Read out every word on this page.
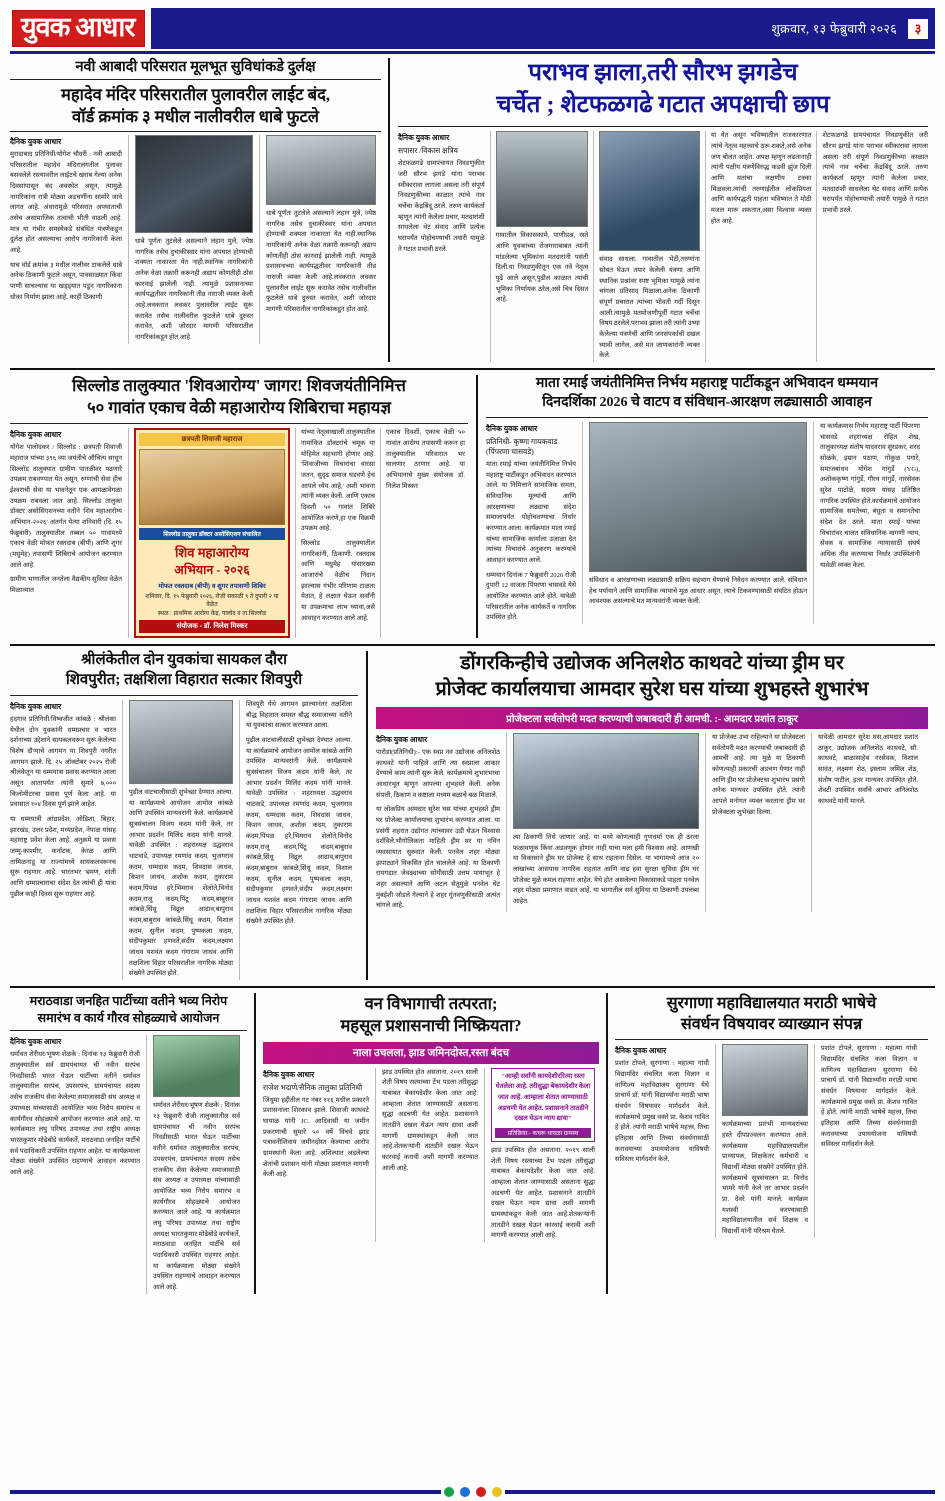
युवक आधार	शुक्रवार, १३ फेब्रुवारी २०२६	३
नवी आबादी परिसरात मूलभूत सुविधांकडे दुर्लक्ष
महादेव मंदिर परिसरातील पुलावरील लाईट बंद,
वॉर्ड क्रमांक ३ मधील नालीवरील धाबे फुटले
दैनिक युवक आधार
मुरादाबाद प्रतिनिधी/योगेश चौदरी : नवी आबादी परिसरातील महादेव मंदिरालगतील पुलावर बसवलेले रस्त्यावरील लाईटचे खराब गेल्या अनेक दिवसांपासून बंद अवस्थेत असून, त्यामुळे नागरिकांना रात्री मोठ्या अडचणींना सामोरे जावे लागत आहे. अंधारामुळे परिसरात अपघाताची तसेच असामाजिक तत्वांची भीती वाढली आहे. मात्र या गंभीर समस्येकडे संबंधित यंत्रणेकडून दुर्लक्ष होत असल्याचा आरोप नागरिकांनी केला आहे.
याच वॉर्ड क्रमांक ३ मधील नालीवर टाकलेले धाबे अनेक ठिकाणी फुटले असून, पावसाळ्यात किंवा पाणी साचल्यास या खड्ड्यात पडून नागरिकांना धोका निर्माण झाला आहे. काही ठिकाणी
धाबे पूर्णतः तुटलेले असल्याने लहान मुले, ज्येष्ठ नागरिक तसेच दुचाकीस्वार यांना अपघात होण्याची शक्यता नाकारता येत नाही.स्थानिक नागरिकांनी अनेक वेळा तक्रारी करूनही अद्याप कोणतीही ठोस कारवाई झालेली नाही. त्यामुळे प्रशासनाच्या कार्यपद्धतीवर नागरिकांनी तीव्र नाराजी व्यक्त केली आहे.लवकरात लवकर पुलावरील लाईट सुरू करावेत तसेच नालीवरील फुटलेले धाबे दुरुस्त करावेत, अशी जोरदार मागणी परिसरातील नागरिकांकडून होत आहे.
धाबे पूर्णतः तुटलेले असल्याने लहान मुले, ज्येष्ठ नागरिक तसेच दुचाकीस्वार यांना अपघात होण्याची शक्यता नाकारता येत नाही.स्थानिक नागरिकांनी अनेक वेळा तक्रारी करूनही अद्याप कोणतीही ठोस कारवाई झालेली नाही. त्यामुळे प्रशासनाच्या कार्यपद्धतीवर नागरिकांनी तीव्र नाराजी व्यक्त केली आहे.लवकरात लवकर पुलावरील लाईट सुरू करावेत तसेच नालीवरील फुटलेले धाबे दुरुस्त करावेत, अशी जोरदार मागणी परिसरातील नागरिकांकडून होत आहे.
पराभव झाला,तरी सौरभ झगडेच
चर्चेत ; शेटफळगढे गटात अपक्षाची छाप
दैनिक युवक आधार
सपासर /विकास क्षत्रिय
शेटफळगढे ग्रामपंचायत निवडणुकीत जरी सौरभ झगडे यांना पराभव स्वीकारावा लागला असला तरी संपूर्ण निवडणुकीच्या काळात त्यांचे नाव चर्चेचा केंद्रबिंदू ठरले. तरुण कार्यकर्ता म्हणून त्यांनी केलेला प्रचार, मतदारांशी साधलेला थेट संवाद आणि प्रत्येक घरापर्यंत पोहोचण्याची तयारी यामुळे ते गटात प्रभावी ठरले.
गावातील विकासकामे, पाणीप्रश्न, रस्ते आणि युवकांच्या रोजगाराबाबत त्यांनी मांडलेल्या भूमिकांना मतदारांनी पसंती दिली.या निवडणुकीतून एक नवे नेतृत्व पुढे आले असून,पुढील काळात त्यांची भूमिका निर्णायक ठरेल,असे चित्र दिसत आहे.
संवाद साधला. गावातील भेटी,तरुणांना सोबत घेऊन तयार केलेली यंत्रणा आणि स्थानिक प्रश्नांवर स्पष्ट भूमिका यामुळे त्यांना चांगला प्रतिसाद मिळाला.अनेक ठिकाणी संपूर्ण प्रचारात त्यांच्या भोवती गर्दी दिसून आली.त्यामुळे मतमोजणीपूर्वी गटात चर्चेचा विषय ठरलेले.पराभव झाला तरी त्यांनी उभ्या केलेल्या यंत्रणेची आणि जनसंपर्काची दखल घ्यावी लागेल, असे मत जाणकारांनी व्यक्त केले.
या येत असून भविष्यातील राजकारणात त्यांचे नेतृत्व महत्त्वाचे ठरू शकते,असे अनेक जण बोलत आहेत. अपक्ष म्हणून लढतानाही त्यांनी पक्षीय यंत्रणेविरुद्ध कडवी झुंज दिली आणि मतांचा लक्षणीय टक्का मिळवला.त्यांची तरुणाईतील लोकप्रियता आणि कार्यपद्धती पाहता भविष्यात ते मोठी मजल मारू शकतात,असा विश्वास व्यक्त होत आहे.
शेटफळगढे ग्रामपंचायत निवडणुकीत जरी सौरभ झगडे यांना पराभव स्वीकारावा लागला असला तरी संपूर्ण निवडणुकीच्या काळात त्यांचे नाव चर्चेचा केंद्रबिंदू ठरले. तरुण कार्यकर्ता म्हणून त्यांनी केलेला प्रचार, मतदारांशी साधलेला थेट संवाद आणि प्रत्येक घरापर्यंत पोहोचण्याची तयारी यामुळे ते गटात प्रभावी ठरले.
सिल्लोड तालुक्यात 'शिवआरोग्य' जागर! शिवजयंतीनिमित्त
५० गावांत एकाच वेळी महाआरोग्य शिबिराचा महायज्ञ
दैनिक युवक आधार
योगेश पालोदकर / सिल्लोड : छत्रपती शिवाजी महाराज यांच्या ३९६ व्या जयंतीचे औचित्य साधून सिल्लोड तालुक्यात ग्रामीण पातळीवर पढणारे उपक्रम राबवण्यात येत असून, रुग्णांची सेवा हीच ईश्वराची सेवा या भावनेतून एक आगळावेगळा उपक्रम राबवला जात आहे. सिल्लोड तालुका डॉक्टर असोसिएशनच्या वतीने 'शिव महाआरोग्य अभियान-२०२६' अंतर्गत येत्या शनिवारी (दि. १५ फेब्रुवारी) तालुक्यातील तब्बल ५० गावांमध्ये एकाच वेळी मोफत रक्तदाब (बीपी) आणि शुगर (मधुमेह) तपासणी शिबिराचे आयोजन करण्यात आले आहे.
ग्रामीण भागातील जनतेला वैद्यकीय सुविधा वेळेत मिळाव्यात
छत्रपती शिवाजी महाराज
सिल्लोड तालुका डॉक्टर असोसिएशन संचालित
शिव महाआरोग्य
अभियान - २०२६
मोफत रक्तदाब (बीपी) व शुगर तपासणी शिबिर
शनिवार, दि. १५ फेब्रुवारी २०२६, रोजी सकाळी ९ ते दुपारी २ या वेळेत
स्थळ : प्राथमिक आरोग्य केंद्र, पालोद व ता.सिल्लोड
संयोजक - डॉ. निलेश मिस्कर
यांच्या नेतृत्वाखाली तालुक्यातील नामांकित डॉक्टरांचे चमूक या मोहिमेत सहभागी होणार आहे. 'शिवाजीच्या विचारांचा वारसा जतन, सुदृढ समाज घडवणे हेच आपले ध्येय आहे,' अशी भावना त्यांनी व्यक्त केली. आणि एकाच दिवशी ५० गावांत शिबिरे आयोजित करणे,हा एक विक्रमी उपक्रम आहे.
सिल्लोड तालुक्यातील नागरिकांनी, ठिकाणी. रक्तदाब आणि मधुमेह यांसारख्या आजारांचे वेळीच निदान झाल्यास गंभीर परिणाम टाळता येतात, हे लक्षात घेऊन सर्वांनी या उपक्रमाचा लाभ घ्यावा,असे आवाहन करण्यात आले आहे.
एकाच दिवशी, एकाच वेळी ५० गावांत आरोग्य तपासणी करून हा तालुक्यातील परिवारात भर घालणार ठरणार आहे. या अभियानाचे मुख्य संयोजक डॉ. निलेश मिस्कर
माता रमाई जयंतीनिमित्त निर्भय महाराष्ट्र पार्टीकडून अभिवादन धम्मयान
दिनदर्शिका 2026 चे वाटप व संविधान-आरक्षण लढ्यासाठी आवाहन
दैनिक युवक आधार
प्रतिनिधी- कृष्णा गायकवाड (पिंपरणा चासवडे)
माता रमाई यांच्या जयंतीनिमित्त निर्भय महाराष्ट्र पार्टीकडून अभिवादन करण्यात आले. या निमित्ताने सामाजिक समता, संविधानिक मूल्यांची आणि आरक्षणाच्या लढ्याचा संदेश समाजापर्यंत पोहोचवण्याचा निर्धार करण्यात आला. कार्यक्रमात माता रमाई यांच्या सामाजिक कार्याला उजाळा देत त्यांच्या विचारांचे अनुकरण करण्याचे आवाहन करण्यात आले.
धम्मयान दिनांक 7 फेब्रुवारी 2026 रोजी दुपारी 12 वाजता पिंपरणा चासवडे येथे आयोजित करण्यात आले होते. यावेळी परिसरातील अनेक कार्यकर्ते व नागरिक उपस्थित होते.
संविधान व आरक्षणाच्या लढ्यासाठी सक्रिय सहभाग घेण्याचे निवेदन करण्यात आले. संविधान हेच पर्यायाने आणि सामाजिक न्यायाचे मूळ आधार असून, त्याचे टिकवण्यासाठी संघटित होऊन आवश्यक असल्याचे मत मान्यवरांनी व्यक्त केली.
या कार्यक्रमास निर्भय महाराष्ट्र पार्टी पिंपरणा चासवडे शहराध्यक्ष रोहित शेख, तालुकाध्यक्ष संतोष यादवराव सुरडकर, शरद सोळंके, इम्रान पठाण, गोकुळ पगारे, समाजबांधव योगेश गांगुर्डे (YG), अशोककृष्ण गांगुर्डे, गौरव गांगुर्डे, नारसेवक सुरेश पाटोळे, सदस्य यांसह प्रतिष्ठित नागरिक उपस्थित होते.कार्यक्रमाचे आयोजन सामाजिक समतेच्या, बंधुता व समानतेचा संदेश देत ठरले. माता रमाई यांच्या विचारांवर चालत संविधानिक मागणी न्याय, सेवक व सामाजिक न्यायासाठी संघर्ष अधिक तीव्र करण्याचा निर्धार उपस्थितांनी यावेळी व्यक्त केला.
श्रीलंकेतील दोन युवकांचा सायकल दौरा
शिवपुरीत; तक्षशिला विहारात सत्कार शिवपुरी
दैनिक युवक आधार
हदगाव प्रतिनिधी/विष्वजीत कांबळे : श्रीलंका येथील दोन युवकांनी धम्मप्रचार व भारत दर्शनाच्या उद्देशाने सायकलवरून सुरू केलेल्या विशेष दौऱ्याचे आगमन या शिवपुरी नगरीत आगमन झाले. दि. २५ ऑक्टोबर २०२५ रोजी श्रीलंकेतून या धम्मयात्रा प्रवास करण्यात आला असून आतापर्यंत त्यांनी सुमारे ७,००० किलोमीटरचा प्रवास पूर्ण केला आहे. या प्रवासात १०४ दिवस पूर्ण झाले आहेत.
या धम्मयात्री आंध्रप्रदेश, ओडिशा, बिहार, झारखंड, उत्तर प्रदेश, मध्यप्रदेश, नेपाळ यांसह महाराष्ट्र प्रवेश केला आहे. अनुक्रमे या प्रवास जम्मू-काश्मीर, कर्नाटक, केरळ आणि तामिळनाडू या राज्यांमध्ये सायकलवरूनच सुरू राहणार आहे. भारतभर भ्रमण, शांती आणि धम्मप्रचाराचा संदेश देत त्यांची ही यात्रा पुढील काही दिवस सुरू राहणार आहे.
पुढील वाटचालीसाठी शुभेच्छा देण्यात आल्या. या कार्यक्रमाचे आयोजन आमोल कांबळे आणि उपस्थित मान्यवरांनी केले. कार्यक्रमाचे सुत्रसंचालन विजय कदम यांनी केले, तर आभार प्रदर्शन मिलिंद कदम यांनी मानले. यावेळी उपस्थित : शहराध्यक्ष उद्धवराव थाटवाडे, उपाध्यक्ष रमणांद कदम, भुजगराव कदम, धम्मदास कदम, शिवदास जाधव, किशन जाधव, अशोक कदम, तुकाराम कदम,पिंपळ हरे,भिमराव शेलोते,विनोद कदम,राजू कदम,पिंटू कदम,बाबुराव कांबळे,सिंधू विद्रुल आढाव,बापुराव कदम,बाबुराव कांबळे,सिंधू कदम, विशाल कदम, सुनील कदम, पुष्पकला कदम, संदीपकुमार हणवते,संदीप कदम,लक्ष्मण जाधव यशवंत कदम गंगाराम जाधव आणि तक्षशिला विहार परिसरातील नागरिक मोठ्या संख्येने उपस्थित होते.
शिवपुरी येथे आगमन झाल्यानंतर तक्षशिला बौद्ध विहारात समस्त बौद्ध समाजाच्या वतीने या युवकांचा सत्कार करण्यात आला.
पुढील वाटचालीसाठी शुभेच्छा देण्यात आल्या. या कार्यक्रमाचे आयोजन आमोल कांबळे आणि उपस्थित मान्यवरांनी केले. कार्यक्रमाचे सुत्रसंचालन विजय कदम यांनी केले, तर आभार प्रदर्शन मिलिंद कदम यांनी मानले. यावेळी उपस्थित : शहराध्यक्ष उद्धवराव थाटवाडे, उपाध्यक्ष रमणांद कदम, भुजगराव कदम, धम्मदास कदम, शिवदास जाधव, किशन जाधव, अशोक कदम, तुकाराम कदम,पिंपळ हरे,भिमराव शेलोते,विनोद कदम,राजू कदम,पिंटू कदम,बाबुराव कांबळे,सिंधू विद्रुल आढाव,बापुराव कदम,बाबुराव कांबळे,सिंधू कदम, विशाल कदम, सुनील कदम, पुष्पकला कदम, संदीपकुमार हणवते,संदीप कदम,लक्ष्मण जाधव यशवंत कदम गंगाराम जाधव आणि तक्षशिला विहार परिसरातील नागरिक मोठ्या संख्येने उपस्थित होते.
डोंगरकिन्हीचे उद्योजक अनिलशेठ काथवटे यांच्या ड्रीम घर
प्रोजेक्ट कार्यालयाचा आमदार सुरेश घस यांच्या शुभहस्ते शुभारंभ
प्रोजेक्टला सर्वतोपरी मदत करण्याची जबाबदारी ही आमची. :- आमदार प्रशांत ठाकूर
दैनिक युवक आधार
पारोडा(प्रतिनिधी):- एक स्वप्न नव उद्योजक अनिलशेठ काथवटे यांनी पाहिले आणि त्या स्वप्नाला आकार देण्याचे काम त्यांनी सुरू केले. कार्यक्रमाचे शुभारंभाचा आधारभूत म्हणून आपल्या शुभहस्ते केली. अनेक संपत्ती, ठिकाण व कष्टाला मध्यम बळाचे बळ मिळाले.
या लोकप्रिय आमदार सुरेश घस यांच्या शुभहस्ते ड्रीम घर प्रोजेक्ट कार्यालयाचा शुभारंभ करण्यात आला. या प्रसंगी शहरात उद्योगत त्यांच्यावर उडी घेऊन विश्वास दर्शविले.भौगोलिकता माहिती ड्रीम घर या नविन व्यवसायात सुरुवात केली. पनवेल शहर मोठ्या झपाट्याने विकसित होत चाललेले आहे. या ठिकाणी रायगडात जेवढ्याच्या सोयीसाठी उत्तम पायाभूत हे शहर असल्याने आणि अटल सेतूमुळे पनवेल थेट मुंबईशी जोडले गेल्याने हे शहर गुंतवणुकीसाठी अत्यंत चांगले आहे.
त्या ठिकाणी तिथे जाणार आहे. या मध्ये कोणत्याही गुणधर्मा एक ही ठरला फळावणूक किंवा अडवणूक होणार नाही याचा मला हमी विश्वास आहे. आणखी या विकासाने ड्रीम घर प्रोजेक्ट हे साथ राहताना दिसेल. या भागामध्ये आज २० लाखांच्या आसपास नागरिक राहतात आणि वाढ हवा सुरक्षा सुविधा ड्रीम घर प्रोजेक्ट मुळे कमल राहणार आहेत. येथे होत असलेल्या विकासाकडे पाहता पनवेल शहर मोठ्या प्रमाणात वाढत आहे. या भागातील सर्व सुविधा या ठिकाणी उपलब्ध आहेत.
या प्रोजेक्ट उभा राहिल्याने या प्रोजेक्टला सर्वतोपरी मदत करण्याची जबाबदारी ही आमची आहे. त्या मुळे या ठिकाणी कोणत्याही प्रकारची अडचण येणार नाही आणि ड्रीम घर प्रोजेक्टचा शुभारंभ प्रसंगी अनेक मान्यवर उपस्थित होते. त्यांनी आपले मनोगत व्यक्त करताना ड्रीम घर प्रोजेक्टला शुभेच्छा दिल्या.
यावेळी आमदार सुरेश घस,आमदार प्रशांत ठाकूर, उद्योजक अनिलशेठ काथवटे, सौ. काथवटे, बाळासाहेब नरसेवक, विशाल सावंत, लक्ष्मण शेठ, इस्लाम जमिल शेठ, संतोष पाटील, इतर मान्यवर उपस्थित होते. शेवटी उपस्थित सर्वांचे आभार अनिलशेठ काथवटे यांनी मानले.
मराठवाडा जनहित पार्टीच्या वतीने भव्य निरोप
समारंभ व कार्य गौरव सोहळ्याचे आयोजन
दैनिक युवक आधार
धर्मावत शेरीधर/भूषण शेळके : दिनांक १३ फेब्रुवारी रोजी तालुक्यातील सर्व ग्रामपंचायत ची नवीन सरपंच निवडीसाठी भारत घेऊन पार्टीच्या वतीने धर्मावत तालुक्यातील सरपंच, उपसरपंच, ग्रामपंचायत सदस्य तसेच राजकीय सेवा केलेल्या समाजासाठी संघ अध्यक्ष व उपाध्यक्ष यांच्यासाठी आयोजित भव्य निरोप समारंभ व कार्यगौरव सोहळ्याचे आयोजन करण्यात आले आहे. या कार्यक्रमात लघु परिषद उपाध्यक्ष तथा राष्ट्रीय अध्यक्ष भारतकुमार मोढेबोडे कार्यकर्ते, मराठवाडा जनहित पार्टीचे सर्व पदाधिकारी उपस्थित राहणार आहेत. या कार्यक्रमाला मोठ्या संख्येने उपस्थित राहण्याचे आवाहन करण्यात आले आहे.
धर्मावत शेरीधर/भूषण शेळके : दिनांक १३ फेब्रुवारी रोजी तालुक्यातील सर्व ग्रामपंचायत ची नवीन सरपंच निवडीसाठी भारत घेऊन पार्टीच्या वतीने धर्मावत तालुक्यातील सरपंच, उपसरपंच, ग्रामपंचायत सदस्य तसेच राजकीय सेवा केलेल्या समाजासाठी संघ अध्यक्ष व उपाध्यक्ष यांच्यासाठी आयोजित भव्य निरोप समारंभ व कार्यगौरव सोहळ्याचे आयोजन करण्यात आले आहे. या कार्यक्रमात लघु परिषद उपाध्यक्ष तथा राष्ट्रीय अध्यक्ष भारतकुमार मोढेबोडे कार्यकर्ते, मराठवाडा जनहित पार्टीचे सर्व पदाधिकारी उपस्थित राहणार आहेत. या कार्यक्रमाला मोठ्या संख्येने उपस्थित राहण्याचे आवाहन करण्यात आले आहे.
वन विभागाची तत्परता;
महसूल प्रशासनाची निष्क्रियता?
नाला उचलला, झाड जमिनदोस्त,रस्ता बंदच
दैनिक युवक आधार
राजेश भदाणे/सैनिक तालुका प्रतिनिधी
जिंधुमा हद्दीतील गट नंबर ११६ मधील प्रकारने प्रशासनाला शिरकाव झाले. शिवाजी काथवटे घायाळ यांनी JC. आदिवासी या जमीन प्रकरणाची सुमारे ५० वर्षे विंचवे झाड पत्रावनीशिवाय जमीनदोस्त केल्याचा आरोप ग्रामस्थांनी केला आहे. अशिल्पात अडलेल्या शेतांची प्रशासन यांनी मोठ्या प्रमाणात मागणी केली आहे.
झाड उपस्थित होत असताना. २०१९ साली शेती विषय रस्त्याच्या टेंभ पडला तरीसुद्धा याबाबत बेकायदेशीर केला जात आहे. आम्हाला शेतात जाण्यासाठी असताना सुद्धा अडचणी येत आहेत. प्रशासनाने तातडीने दखल घेऊन न्याय द्यावा अशी मागणी ग्रामस्थांकडून केली जात आहे.शेतकऱ्यांनी तातडीने दखल घेऊन कारवाई करावी अशी मागणी करण्यात आली आहे.
"आम्ही सर्वांनी कायदेशीररित्या रस्ता घेतलेला आहे. तरीसुद्धा बेकायदेशीर केला जात आहे. आम्हाला शेतात जाण्यासाठी अडचणी येत आहेत. प्रशासनाने तातडीने दखल घेऊन न्याय द्यावा"
प्रतिक्रिया:- कचरू थावळा ग्रामस्थ
झाड उपस्थित होत असताना. २०१९ साली शेती विषय रस्त्याच्या टेंभ पडला तरीसुद्धा याबाबत बेकायदेशीर केला जात आहे. आम्हाला शेतात जाण्यासाठी असताना सुद्धा अडचणी येत आहेत. प्रशासनाने तातडीने दखल घेऊन न्याय द्यावा अशी मागणी ग्रामस्थांकडून केली जात आहे.शेतकऱ्यांनी तातडीने दखल घेऊन कारवाई करावी अशी मागणी करण्यात आली आहे.
सुरगाणा महाविद्यालयात मराठी भाषेचे
संवर्धन विषयावर व्याख्यान संपन्न
दैनिक युवक आधार
प्रशांत टोपले, सुरगाणा : महात्मा गांधी विद्यामंदिर संचलित कला विज्ञान व वाणिज्य महाविद्यालय सुरगाणा येथे प्राचार्य डॉ. यांनी विद्यार्थ्यांना मराठी भाषा संवर्धन विषयावर मार्गदर्शन केले. कार्यक्रमाचे प्रमुख वक्ते प्रा. केशव गावित हे होते. त्यांनी मराठी भाषेचे महत्त्व, तिचा इतिहास आणि तिच्या संवर्धनासाठी करावयाच्या उपाययोजना याविषयी सविस्तर मार्गदर्शन केले.
कार्यक्रमाच्या प्रारंभी मान्यवरांच्या हस्ते दीपप्रज्वलन करण्यात आले. कार्यक्रमास महाविद्यालयातील प्राध्यापक, शिक्षकेतर कर्मचारी व विद्यार्थी मोठ्या संख्येने उपस्थित होते. कार्यक्रमाचे सूत्रसंचालन प्रा. विनोद भामरे यांनी केले तर आभार प्रदर्शन प्रा. देवरे यांनी मानले. कार्यक्रम यशस्वी करण्यासाठी महाविद्यालयातील सर्व शिक्षक व विद्यार्थी यांनी परिश्रम घेतले.
प्रशांत टोपले, सुरगाणा : महात्मा गांधी विद्यामंदिर संचलित कला विज्ञान व वाणिज्य महाविद्यालय सुरगाणा येथे प्राचार्य डॉ. यांनी विद्यार्थ्यांना मराठी भाषा संवर्धन विषयावर मार्गदर्शन केले. कार्यक्रमाचे प्रमुख वक्ते प्रा. केशव गावित हे होते. त्यांनी मराठी भाषेचे महत्त्व, तिचा इतिहास आणि तिच्या संवर्धनासाठी करावयाच्या उपाययोजना याविषयी सविस्तर मार्गदर्शन केले.
